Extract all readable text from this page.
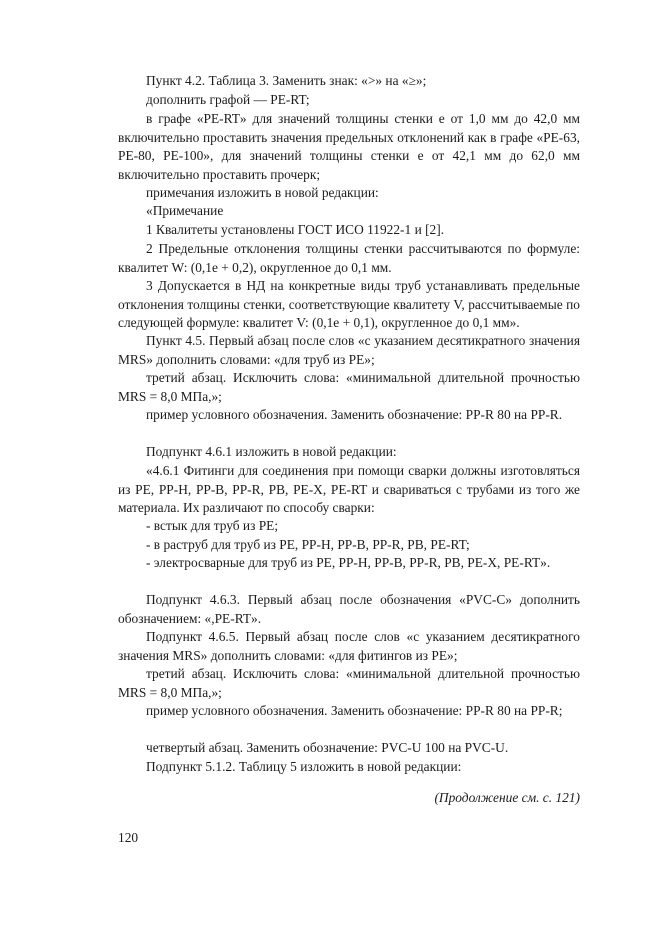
Пункт 4.2. Таблица 3. Заменить знак: «>» на «≥»;

дополнить графой — PE-RT;

в графе «PE-RT» для значений толщины стенки e от 1,0 мм до 42,0 мм включительно проставить значения предельных отклонений как в графе «PE-63, PE-80, PE-100», для значений толщины стенки e от 42,1 мм до 62,0 мм включительно проставить прочерк;

примечания изложить в новой редакции:

«Примечание

1 Квалитеты установлены ГОСТ ИСО 11922-1 и [2].

2 Предельные отклонения толщины стенки рассчитываются по формуле: квалитет W: (0,1e + 0,2), округленное до 0,1 мм.

3 Допускается в НД на конкретные виды труб устанавливать предельные отклонения толщины стенки, соответствующие квалитету V, рассчитываемые по следующей формуле: квалитет V: (0,1e + 0,1), округленное до 0,1 мм».

Пункт 4.5. Первый абзац после слов «с указанием десятикратного значения MRS» дополнить словами: «для труб из PE»;

третий абзац. Исключить слова: «минимальной длительной прочностью MRS = 8,0 МПа,»;

пример условного обозначения. Заменить обозначение: PP-R 80 на PP-R.

Подпункт 4.6.1 изложить в новой редакции:

«4.6.1 Фитинги для соединения при помощи сварки должны изготовляться из PE, PP-H, PP-B, PP-R, PB, PE-X, PE-RT и свариваться с трубами из того же материала. Их различают по способу сварки:

- встык для труб из PE;

- в раструб для труб из PE, PP-H, PP-B, PP-R, PB, PE-RT;

- электросварные для труб из PE, PP-H, PP-B, PP-R, PB, PE-X, PE-RT».

Подпункт 4.6.3. Первый абзац после обозначения «PVC-C» дополнить обозначением: «,PE-RT».

Подпункт 4.6.5. Первый абзац после слов «с указанием десятикратного значения MRS» дополнить словами: «для фитингов из PE»;

третий абзац. Исключить слова: «минимальной длительной прочностью MRS = 8,0 МПа,»;

пример условного обозначения. Заменить обозначение: PP-R 80 на PP-R;

четвертый абзац. Заменить обозначение: PVC-U 100 на PVC-U.

Подпункт 5.1.2. Таблицу 5 изложить в новой редакции:

(Продолжение см. с. 121)
120
